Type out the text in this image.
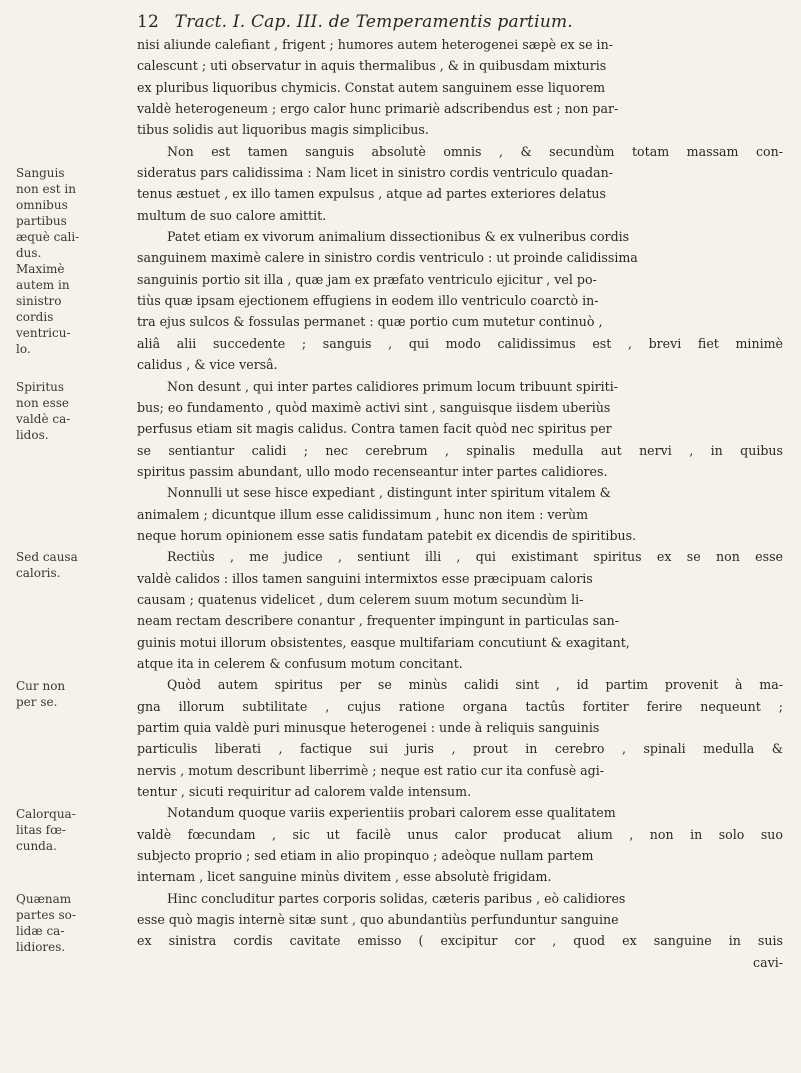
12 Tract. I. Cap. III. de Temperamentis partium.
nisi aliunde calefiant , frigent ; humores autem heterogenei sæpè ex se in-
calescunt ; uti observatur in aquis thermalibus , & in quibusdam mixturis
ex pluribus liquoribus chymicis. Constat autem sanguinem esse liquorem
valdè heterogeneum ; ergo calor hunc primariè adscribendus est ; non par-
tibus solidis aut liquoribus magis simplicibus.
Non est tamen sanguis absolutè omnis , & secundùm totam massam con-
sideratus pars calidissima : Nam licet in sinistro cordis ventriculo quadan-
tenus æstuet , ex illo tamen expulsus , atque ad partes exteriores delatus
multum de suo calore amittit.
Patet etiam ex vivorum animalium dissectionibus & ex vulneribus cordis
sanguinem maximè calere in sinistro cordis ventriculo : ut proinde calidissima
sanguinis portio sit illa , quæ jam ex præfato ventriculo ejicitur , vel po-
tiùs quæ ipsam ejectionem effugiens in eodem illo ventriculo coarctò in-
tra ejus sulcos & fossulas permanet : quæ portio cum mutetur continuò ,
aliâ alii succedente ; sanguis , qui modo calidissimus est , brevi fiet minimè
calidus , & vice versâ.
Non desunt , qui inter partes calidiores primum locum tribuunt spiriti-
bus; eo fundamento , quòd maximè activi sint , sanguisque iisdem uberiùs
perfusus etiam sit magis calidus. Contra tamen facit quòd nec spiritus per
se sentiantur calidi ; nec cerebrum , spinalis medulla aut nervi , in quibus
spiritus passim abundant, ullo modo recenseantur inter partes calidiores.
Nonnulli ut sese hisce expediant , distingunt inter spiritum vitalem &
animalem ; dicuntque illum esse calidissimum , hunc non item : verùm
neque horum opinionem esse satis fundatam patebit ex dicendis de spiritibus.
Rectiùs , me judice , sentiunt illi , qui existimant spiritus ex se non esse
valdè calidos : illos tamen sanguini intermixtos esse præcipuam caloris
causam ; quatenus videlicet , dum celerem suum motum secundùm li-
neam rectam describere conantur , frequenter impingunt in particulas san-
guinis motui illorum obsistentes, easque multifariam concutiunt & exagitant,
atque ita in celerem & confusum motum concitant.
Quòd autem spiritus per se minùs calidi sint , id partim provenit à ma-
gna illorum subtilitate , cujus ratione organa tactûs fortiter ferire nequeunt ;
partim quia valdè puri minusque heterogenei : unde à reliquis sanguinis
particulis liberati , factique sui juris , prout in cerebro , spinali medulla &
nervis , motum describunt liberrimè ; neque est ratio cur ita confusè agi-
tentur , sicuti requiritur ad calorem valde intensum.
Notandum quoque variis experientiis probari calorem esse qualitatem
valdè fœcundam , sic ut facilè unus calor producat alium , non in solo suo
subjecto proprio ; sed etiam in alio propinquo ; adeòque nullam partem
internam , licet sanguine minùs divitem , esse absolutè frigidam.
Hinc concluditur partes corporis solidas, cæteris paribus , eò calidiores
esse quò magis internè sitæ sunt , quo abundantiùs perfunduntur sanguine
ex sinistra cordis cavitate emisso ( excipitur cor , quod ex sanguine in suis
cavi-
Sanguis
non est in
omnibus
partibus
æquè cali-
dus.
Maximè
autem in
sinistro
cordis
ventricu-
lo.
Spiritus
non esse
valdè ca-
lidos.
Sed causa
caloris.
Cur non
per se.
Calorqua-
litas fœ-
cunda.
Quænam
partes so-
lidæ ca-
lidiores.
